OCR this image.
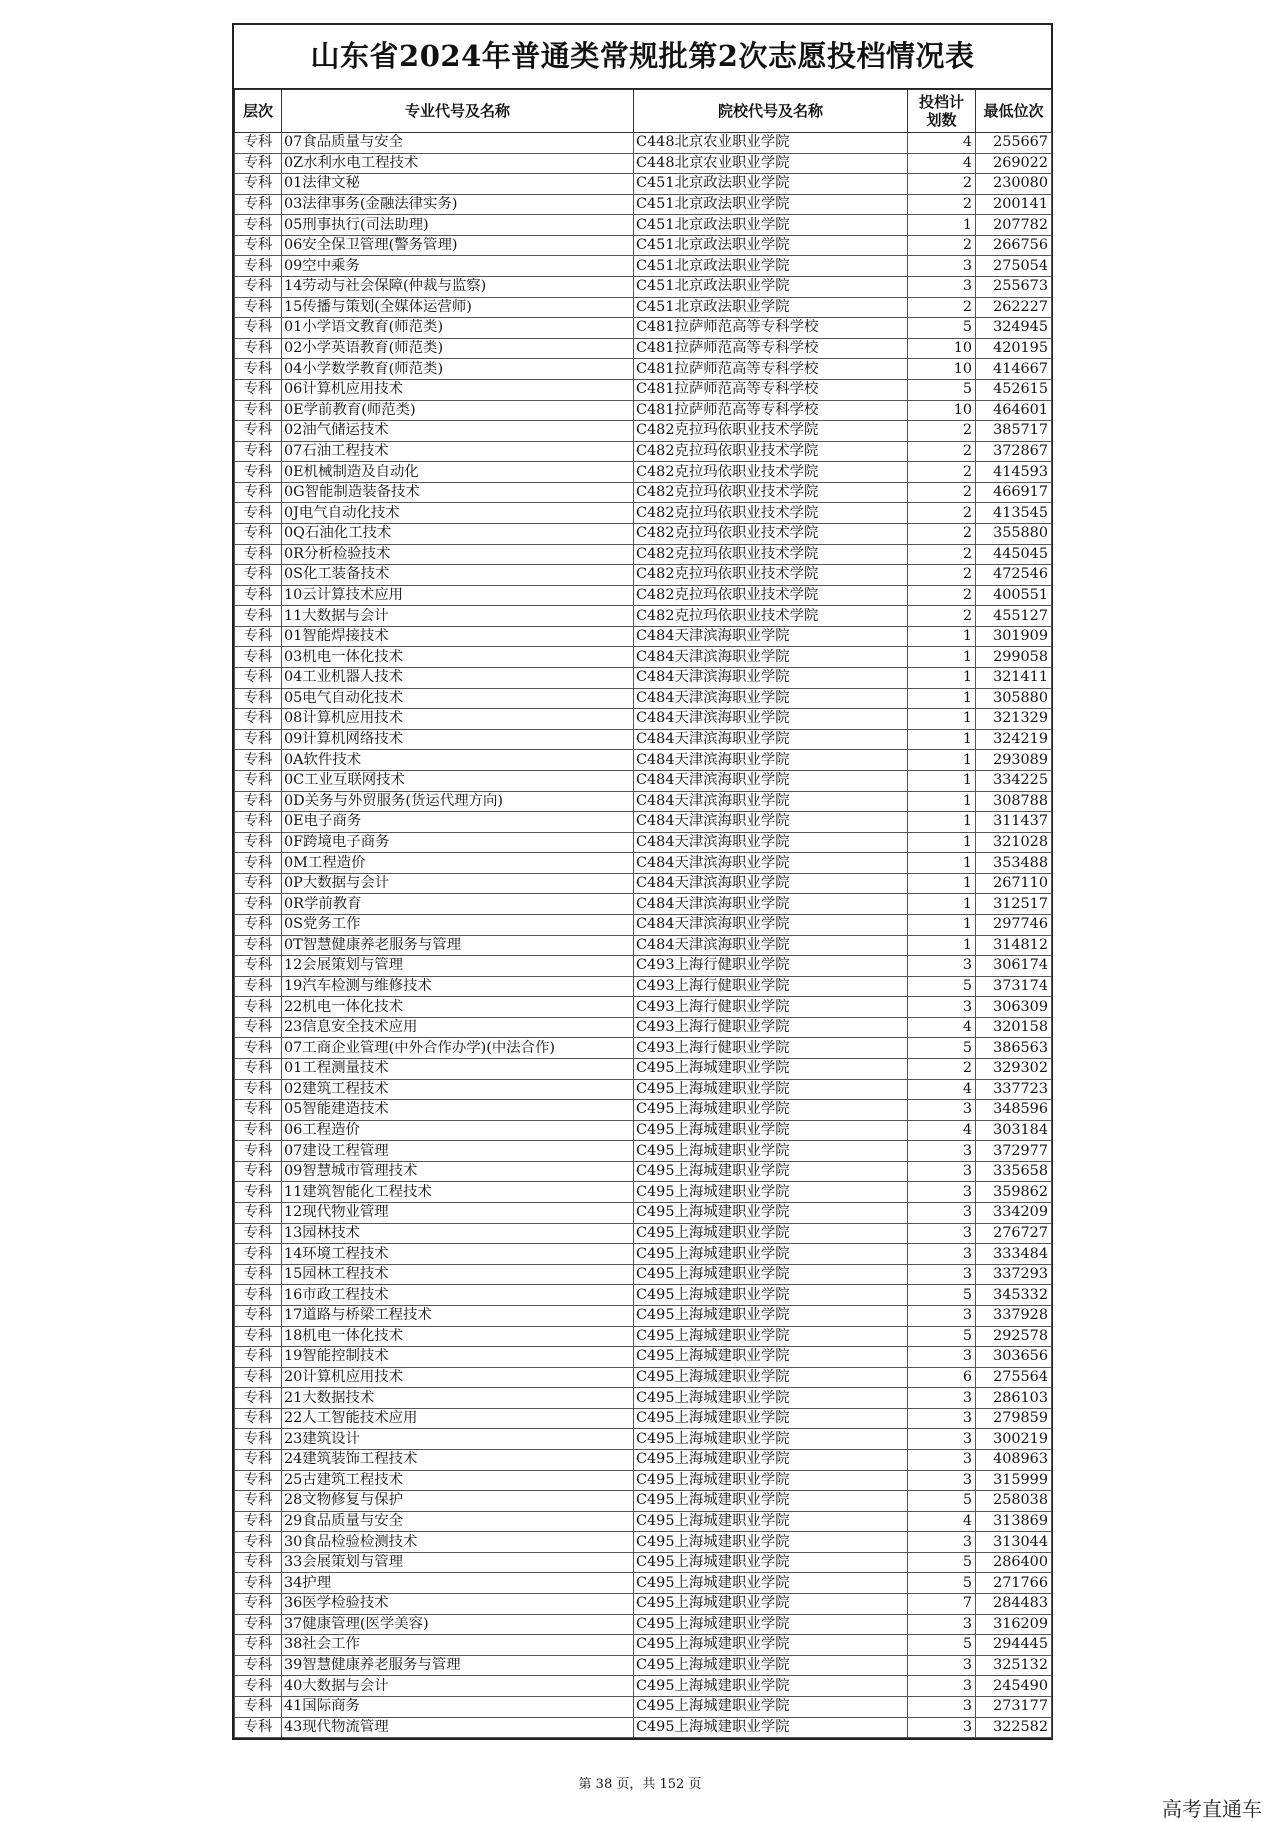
山东省2024年普通类常规批第2次志愿投档情况表
层次	专业代号及名称	院校代号及名称	投档计划数	最低位次
专科	07食品质量与安全	C448北京农业职业学院	4	255667
专科	0Z水利水电工程技术	C448北京农业职业学院	4	269022
专科	01法律文秘	C451北京政法职业学院	2	230080
专科	03法律事务(金融法律实务)	C451北京政法职业学院	2	200141
专科	05刑事执行(司法助理)	C451北京政法职业学院	1	207782
专科	06安全保卫管理(警务管理)	C451北京政法职业学院	2	266756
专科	09空中乘务	C451北京政法职业学院	3	275054
专科	14劳动与社会保障(仲裁与监察)	C451北京政法职业学院	3	255673
专科	15传播与策划(全媒体运营师)	C451北京政法职业学院	2	262227
专科	01小学语文教育(师范类)	C481拉萨师范高等专科学校	5	324945
专科	02小学英语教育(师范类)	C481拉萨师范高等专科学校	10	420195
专科	04小学数学教育(师范类)	C481拉萨师范高等专科学校	10	414667
专科	06计算机应用技术	C481拉萨师范高等专科学校	5	452615
专科	0E学前教育(师范类)	C481拉萨师范高等专科学校	10	464601
专科	02油气储运技术	C482克拉玛依职业技术学院	2	385717
专科	07石油工程技术	C482克拉玛依职业技术学院	2	372867
专科	0E机械制造及自动化	C482克拉玛依职业技术学院	2	414593
专科	0G智能制造装备技术	C482克拉玛依职业技术学院	2	466917
专科	0J电气自动化技术	C482克拉玛依职业技术学院	2	413545
专科	0Q石油化工技术	C482克拉玛依职业技术学院	2	355880
专科	0R分析检验技术	C482克拉玛依职业技术学院	2	445045
专科	0S化工装备技术	C482克拉玛依职业技术学院	2	472546
专科	10云计算技术应用	C482克拉玛依职业技术学院	2	400551
专科	11大数据与会计	C482克拉玛依职业技术学院	2	455127
专科	01智能焊接技术	C484天津滨海职业学院	1	301909
专科	03机电一体化技术	C484天津滨海职业学院	1	299058
专科	04工业机器人技术	C484天津滨海职业学院	1	321411
专科	05电气自动化技术	C484天津滨海职业学院	1	305880
专科	08计算机应用技术	C484天津滨海职业学院	1	321329
专科	09计算机网络技术	C484天津滨海职业学院	1	324219
专科	0A软件技术	C484天津滨海职业学院	1	293089
专科	0C工业互联网技术	C484天津滨海职业学院	1	334225
专科	0D关务与外贸服务(货运代理方向)	C484天津滨海职业学院	1	308788
专科	0E电子商务	C484天津滨海职业学院	1	311437
专科	0F跨境电子商务	C484天津滨海职业学院	1	321028
专科	0M工程造价	C484天津滨海职业学院	1	353488
专科	0P大数据与会计	C484天津滨海职业学院	1	267110
专科	0R学前教育	C484天津滨海职业学院	1	312517
专科	0S党务工作	C484天津滨海职业学院	1	297746
专科	0T智慧健康养老服务与管理	C484天津滨海职业学院	1	314812
专科	12会展策划与管理	C493上海行健职业学院	3	306174
专科	19汽车检测与维修技术	C493上海行健职业学院	5	373174
专科	22机电一体化技术	C493上海行健职业学院	3	306309
专科	23信息安全技术应用	C493上海行健职业学院	4	320158
专科	07工商企业管理(中外合作办学)(中法合作)	C493上海行健职业学院	5	386563
专科	01工程测量技术	C495上海城建职业学院	2	329302
专科	02建筑工程技术	C495上海城建职业学院	4	337723
专科	05智能建造技术	C495上海城建职业学院	3	348596
专科	06工程造价	C495上海城建职业学院	4	303184
专科	07建设工程管理	C495上海城建职业学院	3	372977
专科	09智慧城市管理技术	C495上海城建职业学院	3	335658
专科	11建筑智能化工程技术	C495上海城建职业学院	3	359862
专科	12现代物业管理	C495上海城建职业学院	3	334209
专科	13园林技术	C495上海城建职业学院	3	276727
专科	14环境工程技术	C495上海城建职业学院	3	333484
专科	15园林工程技术	C495上海城建职业学院	3	337293
专科	16市政工程技术	C495上海城建职业学院	5	345332
专科	17道路与桥梁工程技术	C495上海城建职业学院	3	337928
专科	18机电一体化技术	C495上海城建职业学院	5	292578
专科	19智能控制技术	C495上海城建职业学院	3	303656
专科	20计算机应用技术	C495上海城建职业学院	6	275564
专科	21大数据技术	C495上海城建职业学院	3	286103
专科	22人工智能技术应用	C495上海城建职业学院	3	279859
专科	23建筑设计	C495上海城建职业学院	3	300219
专科	24建筑装饰工程技术	C495上海城建职业学院	3	408963
专科	25古建筑工程技术	C495上海城建职业学院	3	315999
专科	28文物修复与保护	C495上海城建职业学院	5	258038
专科	29食品质量与安全	C495上海城建职业学院	4	313869
专科	30食品检验检测技术	C495上海城建职业学院	3	313044
专科	33会展策划与管理	C495上海城建职业学院	5	286400
专科	34护理	C495上海城建职业学院	5	271766
专科	36医学检验技术	C495上海城建职业学院	7	284483
专科	37健康管理(医学美容)	C495上海城建职业学院	3	316209
专科	38社会工作	C495上海城建职业学院	5	294445
专科	39智慧健康养老服务与管理	C495上海城建职业学院	3	325132
专科	40大数据与会计	C495上海城建职业学院	3	245490
专科	41国际商务	C495上海城建职业学院	3	273177
专科	43现代物流管理	C495上海城建职业学院	3	322582
第 38 页，共 152 页
高考直通车
